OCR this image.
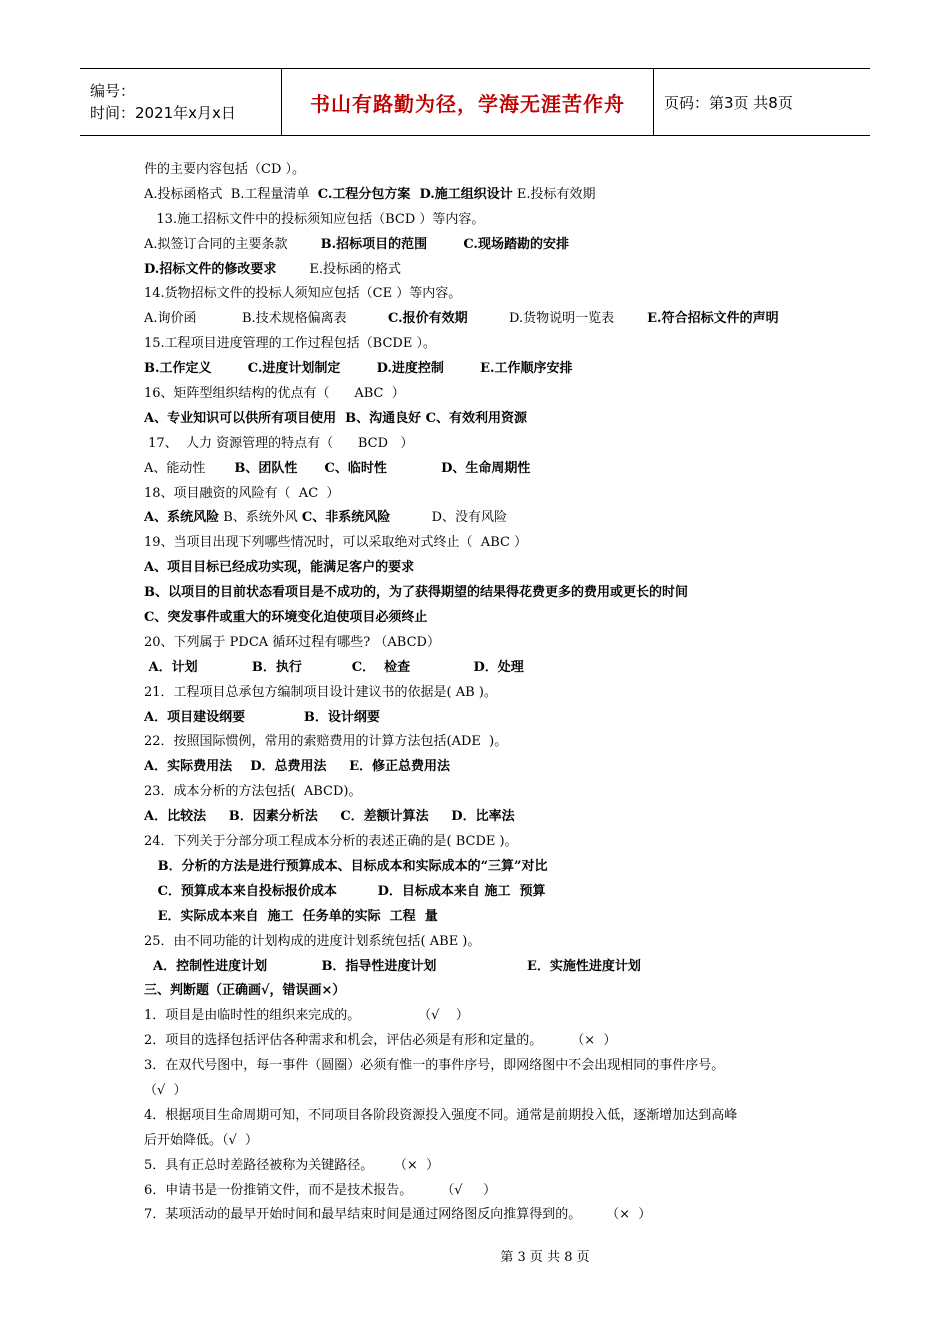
编号：
时间：2021年x月x日	书山有路勤为径，学海无涯苦作舟	页码：第3页 共8页
件的主要内容包括（CD ）。
A.投标函格式  B.工程量清单  C.工程分包方案  D.施工组织设计 E.投标有效期
13.施工招标文件中的投标须知应包括（BCD ）等内容。
A.拟签订合同的主要条款        B.招标项目的范围        C.现场踏勘的安排
D.招标文件的修改要求        E.投标函的格式
14.货物招标文件的投标人须知应包括（CE ）等内容。
A.询价函           B.技术规格偏离表          C.报价有效期          D.货物说明一览表        E.符合招标文件的声明
15.工程项目进度管理的工作过程包括（BCDE ）。
B.工作定义        C.进度计划制定        D.进度控制        E.工作顺序安排
16、矩阵型组织结构的优点有（      ABC  ）
A、专业知识可以供所有项目使用  B、沟通良好 C、有效利用资源
17、  人力 资源管理的特点有（      BCD   ）
A、能动性       B、团队性      C、临时性            D、生命周期性
18、项目融资的风险有（  AC  ）
A、系统风险 B、系统外风 C、非系统风险          D、没有风险
19、当项目出现下列哪些情况时，可以采取绝对式终止（  ABC ）
A、项目目标已经成功实现，能满足客户的要求
B、以项目的目前状态看项目是不成功的，为了获得期望的结果得花费更多的费用或更长的时间
C、突发事件或重大的环境变化迫使项目必须终止
20、下列属于 PDCA 循环过程有哪些? （ABCD）
A．计划            B．执行           C．  检查              D．处理
21．工程项目总承包方编制项目设计建议书的依据是( AB )。
A．项目建设纲要             B．设计纲要
22．按照国际惯例，常用的索赔费用的计算方法包括(ADE  )。
A．实际费用法    D．总费用法     E．修正总费用法
23．成本分析的方法包括(  ABCD)。
A．比较法     B．因素分析法     C．差额计算法     D．比率法
24．下列关于分部分项工程成本分析的表述正确的是( BCDE )。
B．分析的方法是进行预算成本、目标成本和实际成本的“三算”对比
C．预算成本来自投标报价成本         D．目标成本来自 施工  预算
E．实际成本来自  施工  任务单的实际  工程  量
25．由不同功能的计划构成的进度计划系统包括( ABE )。
A．控制性进度计划            B．指导性进度计划                    E．实施性进度计划
三、判断题（正确画√，错误画×）
1．项目是由临时性的组织来完成的。              （√    ）
2．项目的选择包括评估各种需求和机会，评估必须是有形和定量的。       （×  ）
3．在双代号图中，每一事件（圆圈）必须有惟一的事件序号，即网络图中不会出现相同的事件序号。
（√  ）
4．根据项目生命周期可知，不同项目各阶段资源投入强度不同。通常是前期投入低，逐渐增加达到高峰
后开始降低。（√  ）
5．具有正总时差路径被称为关键路径。     （×  ）
6．申请书是一份推销文件，而不是技术报告。       （√     ）
7．某项活动的最早开始时间和最早结束时间是通过网络图反向推算得到的。      （×  ）
第 3 页 共 8 页
